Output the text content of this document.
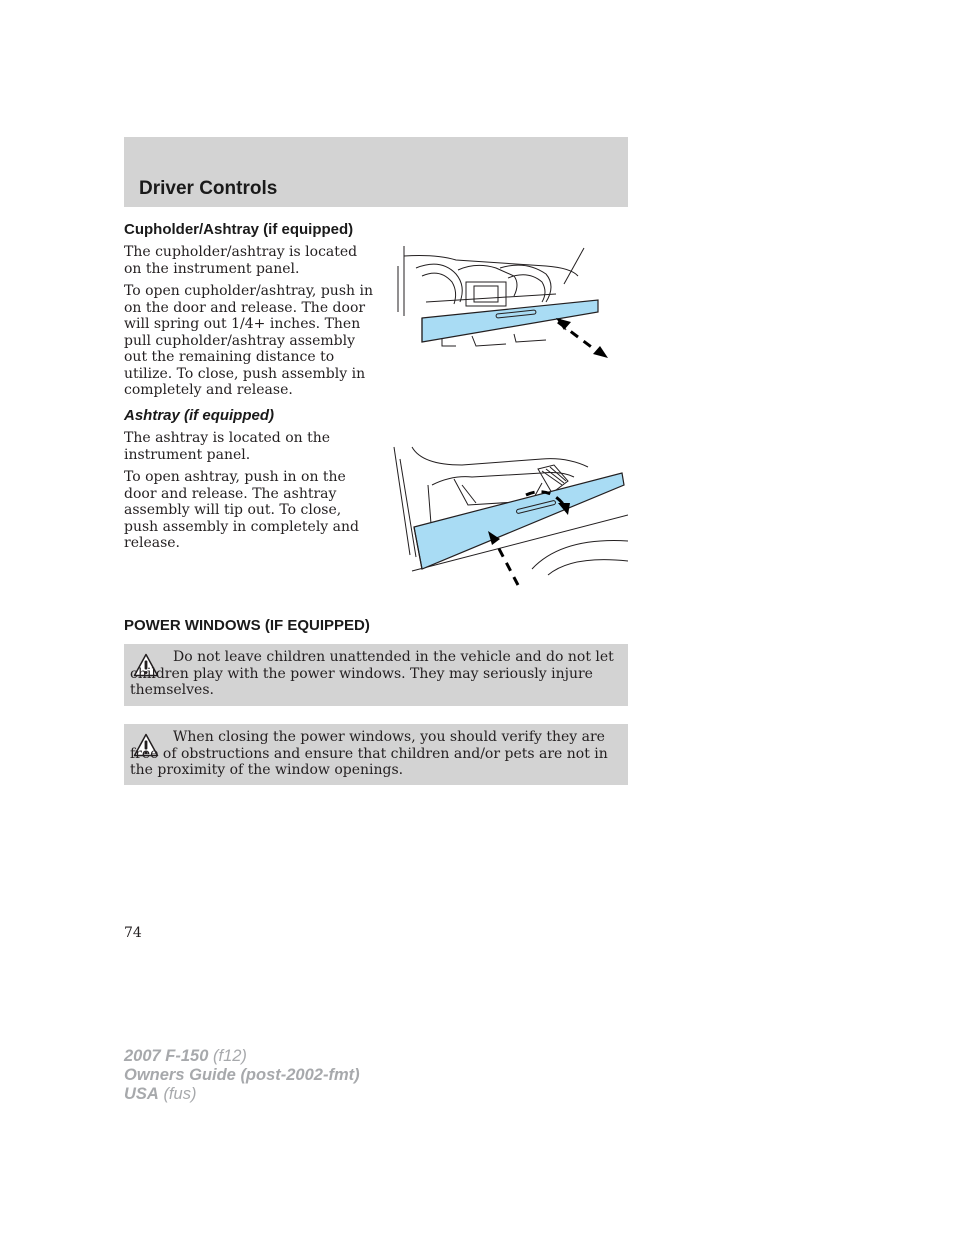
Driver Controls
Cupholder/Ashtray (if equipped)

The cupholder/ashtray is located on the instrument panel.

To open cupholder/ashtray, push in on the door and release. The door will spring out 1/4+ inches. Then pull cupholder/ashtray assembly out the remaining distance to utilize. To close, push assembly in completely and release.

Ashtray (if equipped)

The ashtray is located on the instrument panel.

To open ashtray, push in on the door and release. The ashtray assembly will tip out. To close, push assembly in completely and release.

POWER WINDOWS (IF EQUIPPED)

Do not leave children unattended in the vehicle and do not let children play with the power windows. They may seriously injure themselves.

When closing the power windows, you should verify they are free of obstructions and ensure that children and/or pets are not in the proximity of the window openings.

74
2007 F-150 (f12)
Owners Guide (post-2002-fmt)
USA (fus)
